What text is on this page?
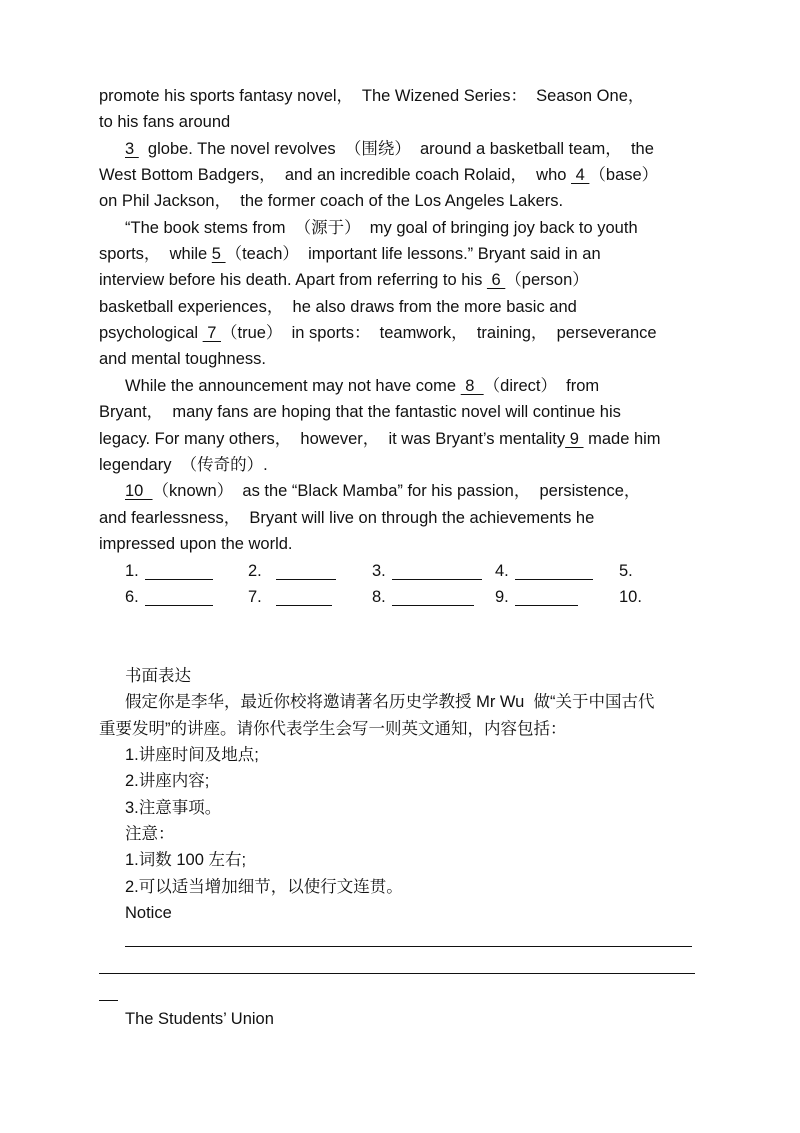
promote his sports fantasy novel，  The Wizened Series：  Season One，
to his fans around
3   globe. The novel revolves  （围绕）  around a basketball team，  the
West Bottom Badgers，  and an incredible coach Rolaid，  who  4 （base）
on Phil Jackson，  the former coach of the Los Angeles Lakers.
“The book stems from  （源于）  my goal of bringing joy back to youth
sports，  while 5 （teach）  important life lessons.” Bryant said in an
interview before his death. Apart from referring to his  6 （person）
basketball experiences，  he also draws from the more basic and
psychological  7 （true）  in sports：  teamwork，  training，  perseverance
and mental toughness.
While the announcement may not have come  8  （direct）  from
Bryant，  many fans are hoping that the fantastic novel will continue his
legacy. For many others，  however，  it was Bryant’s mentality 9  made him
legendary  （传奇的）.
10  （known）  as the “Black Mamba” for his passion，  persistence，
and fearlessness，  Bryant will live on through the achievements he
impressed upon the world.
1.	2.	3.	4.	5.
6.	7.	8.	9.	10.
书面表达
假定你是李华，最近你校将邀请著名历史学教授 Mr Wu  做“关于中国古代
重要发明”的讲座。请你代表学生会写一则英文通知，内容包括：
1.讲座时间及地点;
2.讲座内容;
3.注意事项。
注意：
1.词数 100 左右;
2.可以适当增加细节，以使行文连贯。
Notice
The Students’ Union
